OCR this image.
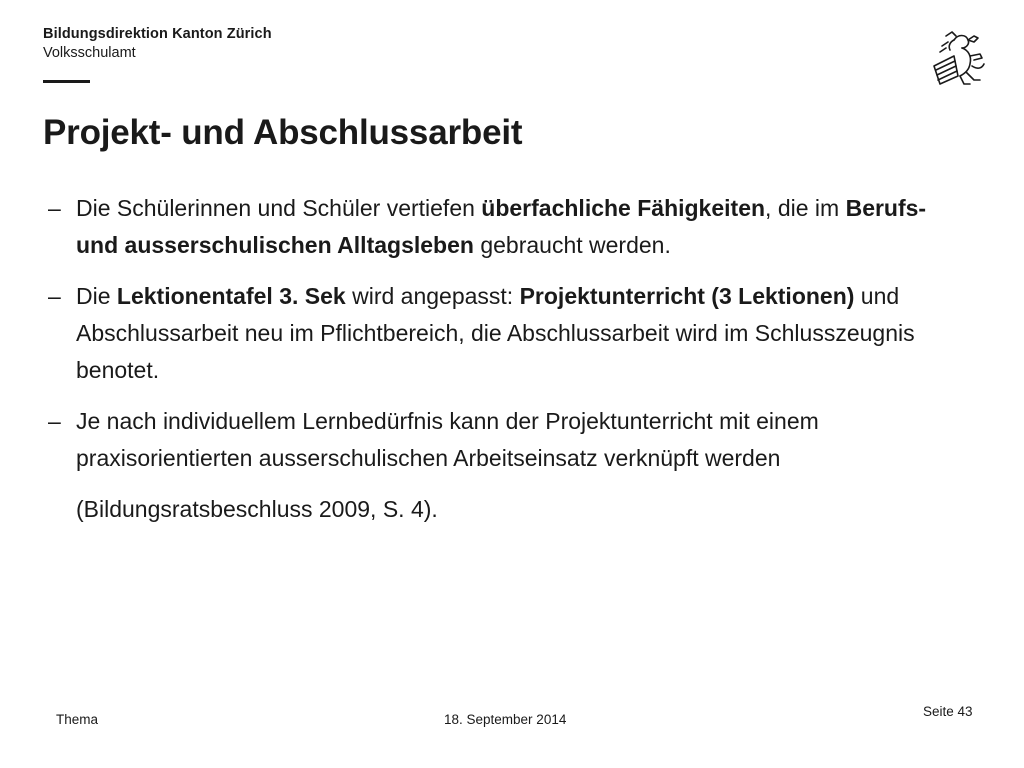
Bildungsdirektion Kanton Zürich
Volksschulamt
Projekt- und Abschlussarbeit
– Die Schülerinnen und Schüler vertiefen überfachliche Fähigkeiten, die im Berufs- und ausserschulischen Alltagsleben gebraucht werden.
– Die Lektionentafel 3. Sek wird angepasst: Projektunterricht (3 Lektionen) und Abschlussarbeit neu im Pflichtbereich, die Abschlussarbeit wird im Schlusszeugnis benotet.
– Je nach individuellem Lernbedürfnis kann der Projektunterricht mit einem praxisorientierten ausserschulischen Arbeitseinsatz verknüpft werden
(Bildungsratsbeschluss 2009, S. 4).
Thema	18. September 2014
Seite 43
